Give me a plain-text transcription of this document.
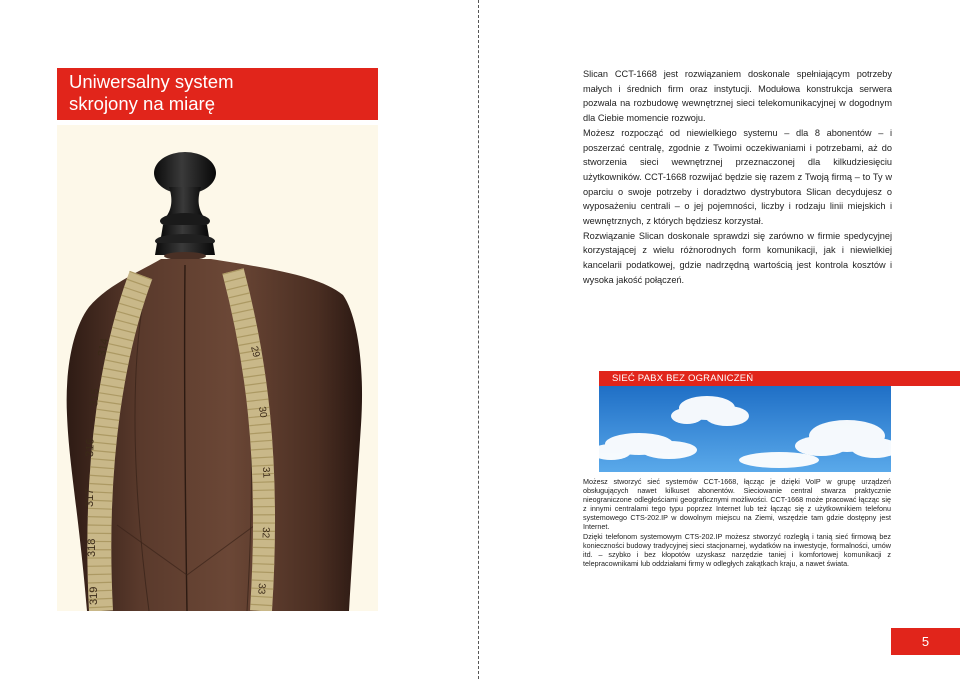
Uniwersalny system
skrojony na miarę
314
315
316
317
318
319
29
30
31
32
33

Slican CCT-1668 jest rozwiązaniem doskonale spełniającym potrzeby małych i średnich firm oraz instytucji. Modułowa konstrukcja serwera pozwala na rozbudowę wewnętrznej sieci telekomunikacyjnej w dogodnym dla Ciebie momencie rozwoju.

Możesz rozpocząć od niewielkiego systemu – dla 8 abonentów – i poszerzać centralę, zgodnie z Twoimi oczekiwaniami i potrzebami, aż do stworzenia sieci wewnętrznej przeznaczonej dla kilkudziesięciu użytkowników. CCT-1668 rozwijać będzie się razem z Twoją firmą – to Ty w oparciu o swoje potrzeby i doradztwo dystrybutora Slican decydujesz o wyposażeniu centrali – o jej pojemności, liczby i rodzaju linii miejskich i wewnętrznych, z których będziesz korzystał.

Rozwiązanie Slican doskonale sprawdzi się zarówno w firmie spedycyjnej korzystającej z wielu różnorodnych form komunikacji, jak i niewielkiej kancelarii podatkowej, gdzie nadrzędną wartością jest kontrola kosztów i wysoka jakość połączeń.

SIEĆ PABX BEZ OGRANICZEŃ

Możesz stworzyć sieć systemów CCT-1668, łącząc je dzięki VoIP w grupę urządzeń obsługujących nawet kilkuset abonentów. Sieciowanie central stwarza praktycznie nieograniczone odległościami geograficznymi możliwości. CCT-1668 może pracować łącząc się z innymi centralami tego typu poprzez Internet lub też łącząc się z użytkownikiem telefonu systemowego CTS-202.IP w dowolnym miejscu na Ziemi, wszędzie tam gdzie dostępny jest Internet.

Dzięki telefonom systemowym CTS-202.IP możesz stworzyć rozległą i tanią sieć firmową bez konieczności budowy tradycyjnej sieci stacjonarnej, wydatków na inwestycje, formalności, umów itd. – szybko i bez kłopotów uzyskasz narzędzie taniej i komfortowej komunikacji z telepracownikami lub oddziałami firmy w odległych zakątkach kraju, a nawet świata.

5
